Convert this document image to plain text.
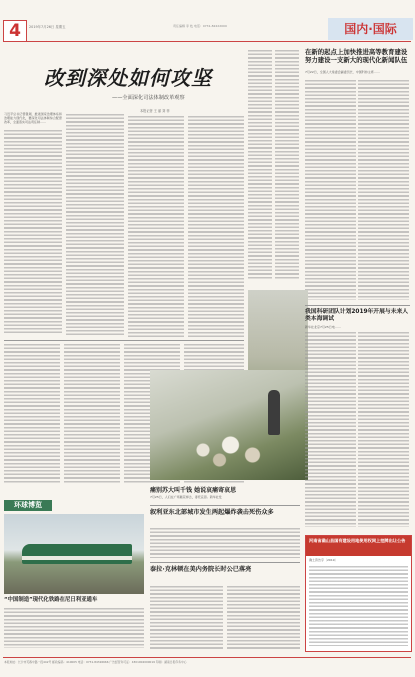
4	2019年7月26日 星期五	责任编辑 李 枝 电话：0731-82222000	国内·国际
改到深处如何攻坚
——全面深化司法体制改革观察
本报记者 王 丽 刘 菲
习近平总书记曾强调，推进国家治理体系和治理能力现代化，要深化司法体制综合配套改革，全面落实司法责任制……
在新的起点上加快推进高等教育建设 努力建设一支新大的现代化新闻队伍
7月22日，全国人大常委会副委员长、中国科协主席……
痛别苏大叫千钱 她说哀痛寄哀思
7月25日，人们在广场献花悼念，寄托哀思。新华社发
我国科研团队计划2019年开展与未来人类本海调试
新华社北京7月25日电……
河南省确山县国有建设用地使用权网上挂牌出让公告
确土资告字〔2019〕
环球博览
“中国制造”现代化铁路在尼日利亚通车
叙利亚东北部城市发生两起爆炸袭击死伤众多
泰拉·克林顿在美内务院长时公已落亮
本报地址：长沙市芙蓉中路一段442号 邮政编码：410005 电话：0731-84326666 广告经营许可证：4301004000019 印刷：湖南日报印务中心
